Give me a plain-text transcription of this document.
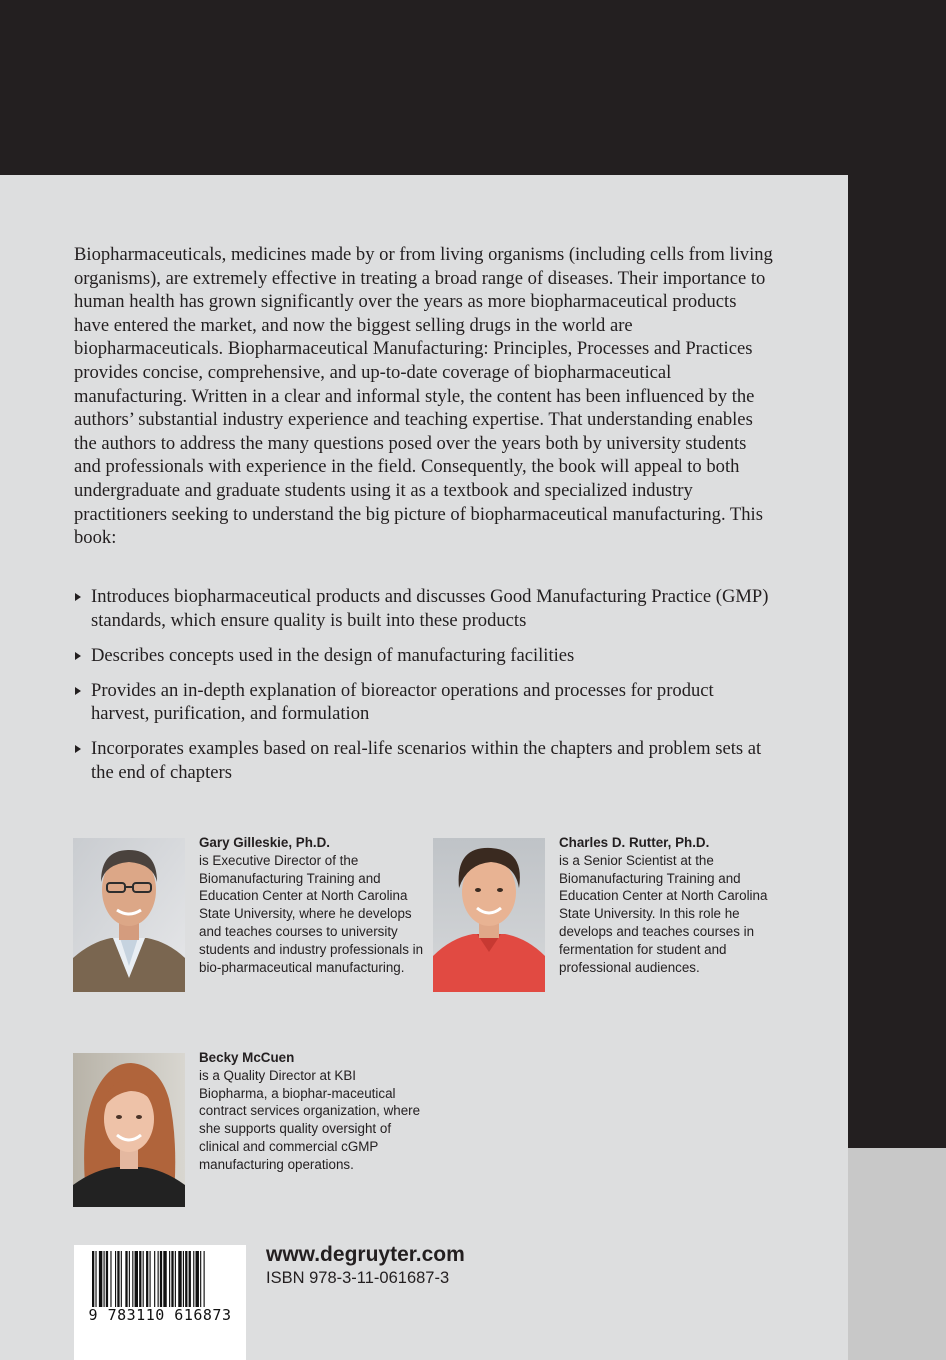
Biopharmaceuticals, medicines made by or from living organisms (including cells from living organisms), are extremely effective in treating a broad range of diseases. Their importance to human health has grown significantly over the years as more biopharmaceutical products have entered the market, and now the biggest selling drugs in the world are biopharmaceuticals. Biopharmaceutical Manufacturing: Principles, Processes and Practices provides concise, comprehensive, and up-to-date coverage of biopharmaceutical manufacturing. Written in a clear and informal style, the content has been influenced by the authors’ substantial industry experience and teaching expertise. That understanding enables the authors to address the many questions posed over the years both by university students and professionals with experience in the field. Consequently, the book will appeal to both undergraduate and graduate students using it as a textbook and specialized industry practitioners seeking to understand the big picture of biopharmaceutical manufacturing. This book:

Introduces biopharmaceutical products and discusses Good Manufacturing Practice (GMP) standards, which ensure quality is built into these products
Describes concepts used in the design of manufacturing facilities
Provides an in-depth explanation of bioreactor operations and processes for product harvest, purification, and formulation
Incorporates examples based on real-life scenarios within the chapters and problem sets at the end of chapters
Gary Gilleskie, Ph.D.
is Executive Director of the Biomanufacturing Training and Education Center at North Carolina State University, where he develops and teaches courses to university students and industry professionals in bio-pharmaceutical manufacturing.
Charles D. Rutter, Ph.D.
is a Senior Scientist at the Biomanufacturing Training and Education Center at North Carolina State University. In this role he develops and teaches courses in fermentation for student and professional audiences.
Becky McCuen
is a Quality Director at KBI Biopharma, a biophar-maceutical contract services organization, where she supports quality oversight of clinical and commercial cGMP manufacturing operations.
9 783110 616873
www.degruyter.com
ISBN 978-3-11-061687-3
